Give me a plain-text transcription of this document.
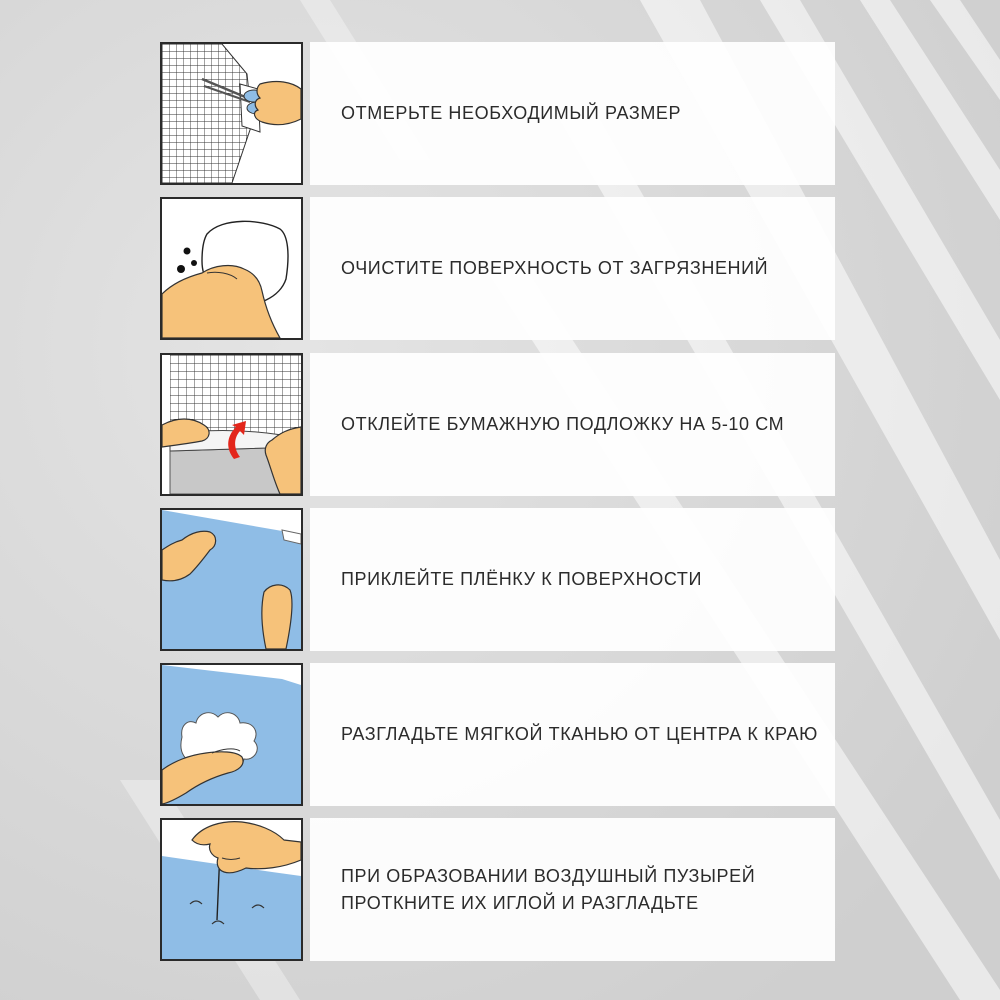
ОТМЕРЬТЕ НЕОБХОДИМЫЙ РАЗМЕР

ОЧИСТИТЕ ПОВЕРХНОСТЬ ОТ ЗАГРЯЗНЕНИЙ

ОТКЛЕЙТЕ БУМАЖНУЮ ПОДЛОЖКУ НА 5-10 СМ

ПРИКЛЕЙТЕ ПЛЁНКУ К ПОВЕРХНОСТИ

РАЗГЛАДЬТЕ МЯГКОЙ ТКАНЬЮ ОТ ЦЕНТРА К КРАЮ

ПРИ ОБРАЗОВАНИИ ВОЗДУШНЫЙ ПУЗЫРЕЙ
ПРОТКНИТЕ ИХ ИГЛОЙ И РАЗГЛАДЬТЕ
